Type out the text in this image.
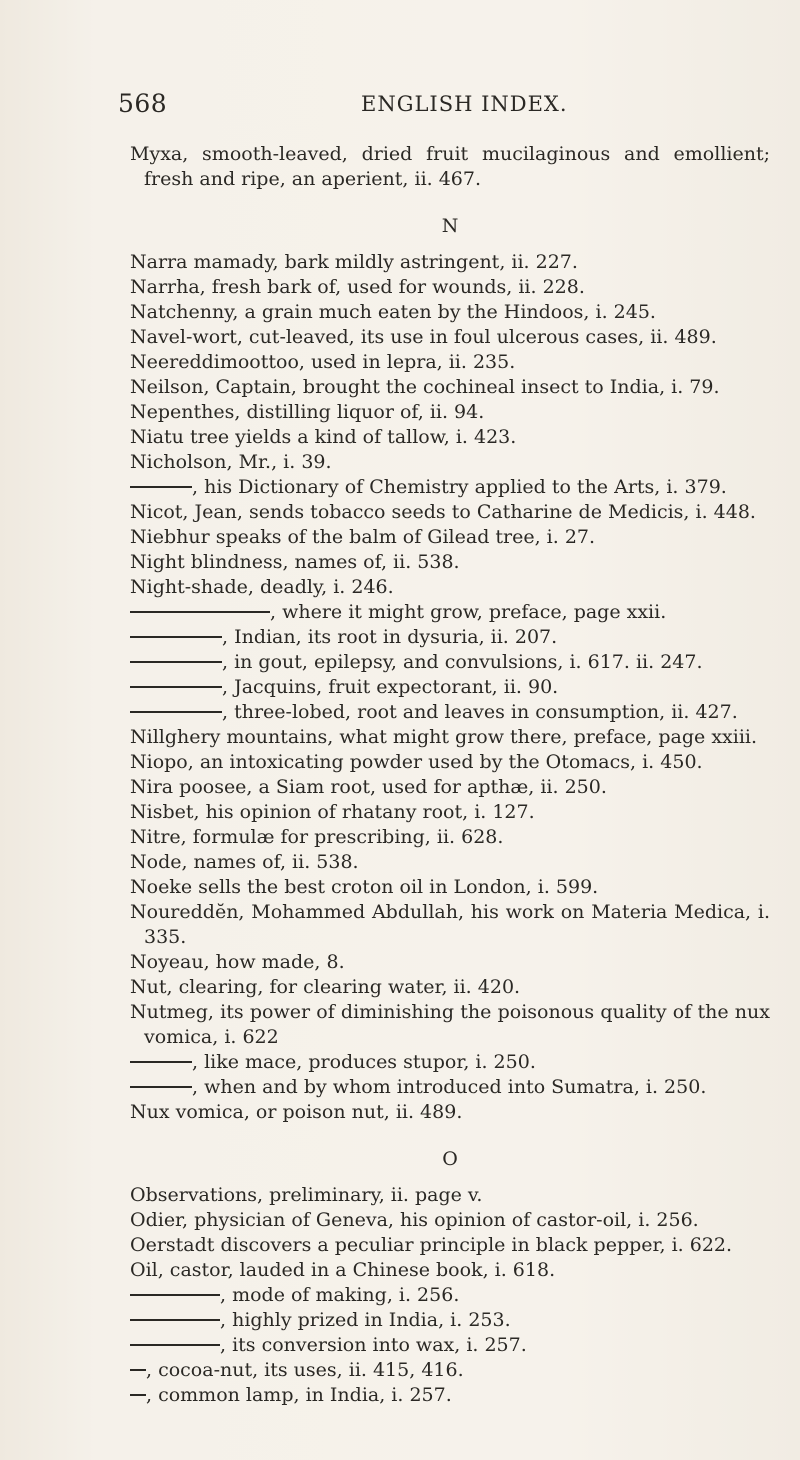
568	ENGLISH INDEX.

Myxa, smooth-leaved, dried fruit mucilaginous and emollient; fresh and ripe, an aperient, ii. 467.

N

Narra mamady, bark mildly astringent, ii. 227.

Narrha, fresh bark of, used for wounds, ii. 228.

Natchenny, a grain much eaten by the Hindoos, i. 245.

Navel-wort, cut-leaved, its use in foul ulcerous cases, ii. 489.

Neereddimoottoo, used in lepra, ii. 235.

Neilson, Captain, brought the cochineal insect to India, i. 79.

Nepenthes, distilling liquor of, ii. 94.

Niatu tree yields a kind of tallow, i. 423.

Nicholson, Mr., i. 39.

, his Dictionary of Chemistry applied to the Arts, i. 379.

Nicot, Jean, sends tobacco seeds to Catharine de Medicis, i. 448.

Niebhur speaks of the balm of Gilead tree, i. 27.

Night blindness, names of, ii. 538.

Night-shade, deadly, i. 246.

, where it might grow, preface, page xxii.

, Indian, its root in dysuria, ii. 207.

, in gout, epilepsy, and convulsions, i. 617. ii. 247.

, Jacquins, fruit expectorant, ii. 90.

, three-lobed, root and leaves in consumption, ii. 427.

Nillghery mountains, what might grow there, preface, page xxiii.

Niopo, an intoxicating powder used by the Otomacs, i. 450.

Nira poosee, a Siam root, used for apthæ, ii. 250.

Nisbet, his opinion of rhatany root, i. 127.

Nitre, formulæ for prescribing, ii. 628.

Node, names of, ii. 538.

Noeke sells the best croton oil in London, i. 599.

Noureddĕn, Mohammed Abdullah, his work on Materia Medica, i. 335.

Noyeau, how made, 8.

Nut, clearing, for clearing water, ii. 420.

Nutmeg, its power of diminishing the poisonous quality of the nux vomica, i. 622

, like mace, produces stupor, i. 250.

, when and by whom introduced into Sumatra, i. 250.

Nux vomica, or poison nut, ii. 489.

O

Observations, preliminary, ii. page v.

Odier, physician of Geneva, his opinion of castor-oil, i. 256.

Oerstadt discovers a peculiar principle in black pepper, i. 622.

Oil, castor, lauded in a Chinese book, i. 618.

, mode of making, i. 256.

, highly prized in India, i. 253.

, its conversion into wax, i. 257.

, cocoa-nut, its uses, ii. 415, 416.

, common lamp, in India, i. 257.
